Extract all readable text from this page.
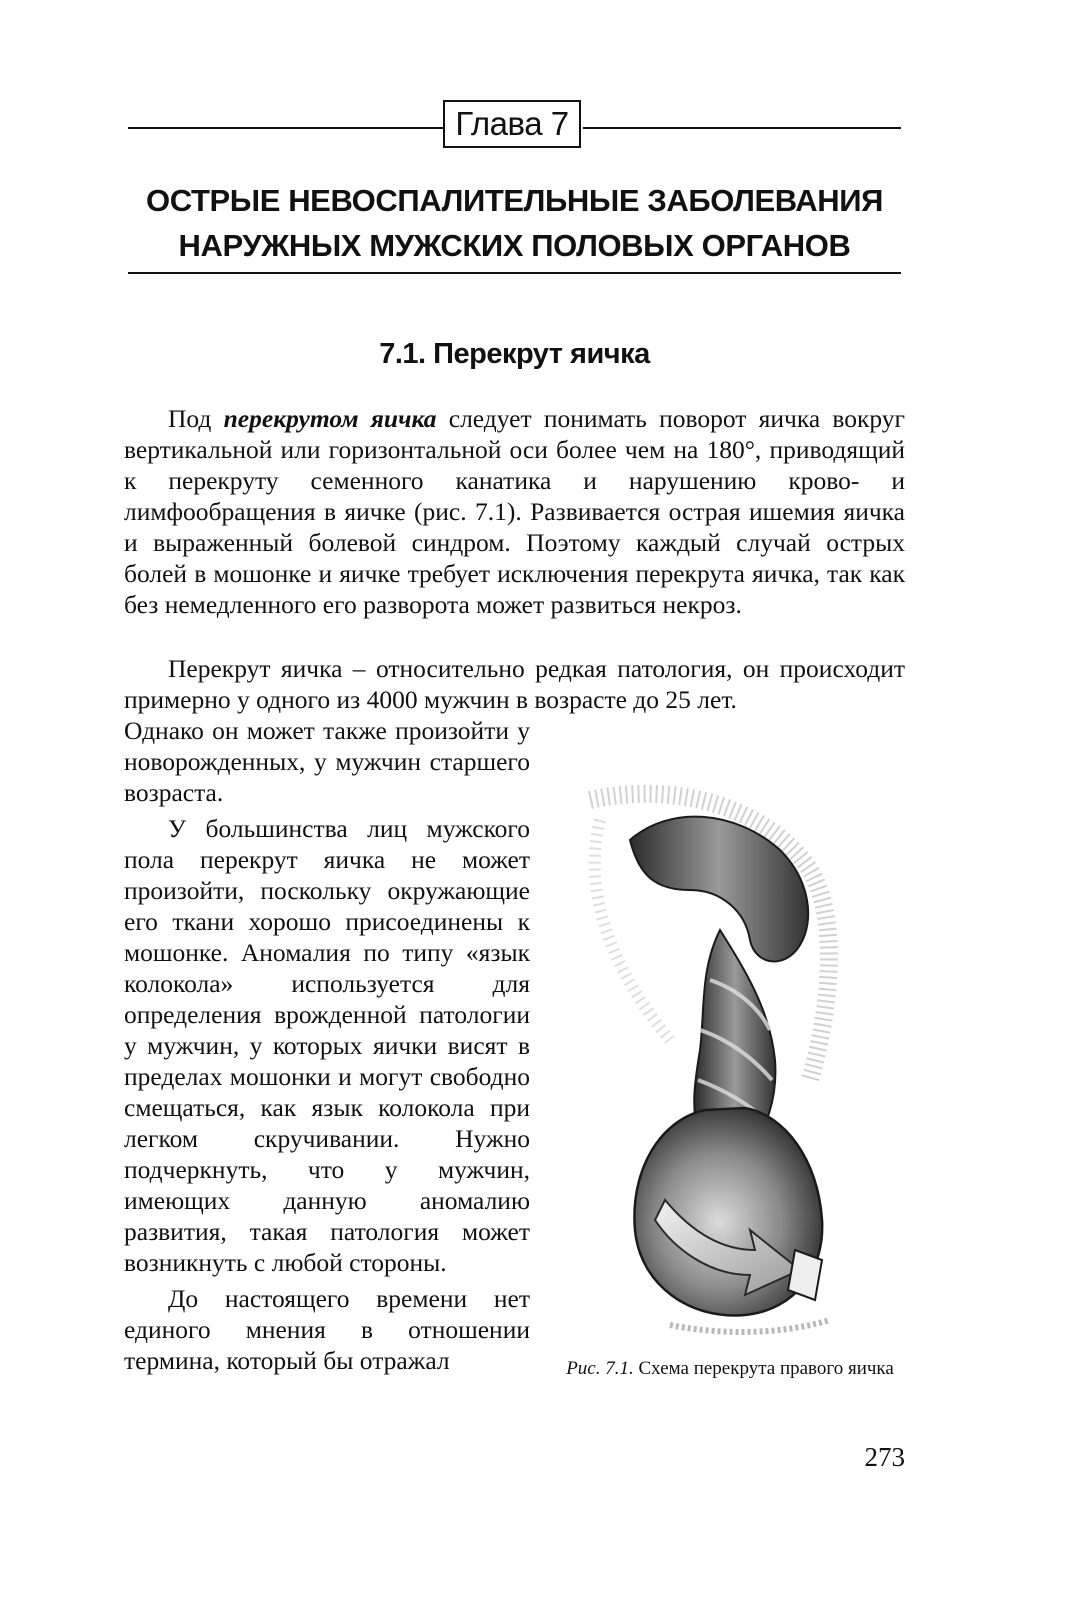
Глава 7
ОСТРЫЕ НЕВОСПАЛИТЕЛЬНЫЕ ЗАБОЛЕВАНИЯ
НАРУЖНЫХ МУЖСКИХ ПОЛОВЫХ ОРГАНОВ
7.1. Перекрут яичка

Под перекрутом яичка следует понимать поворот яичка вокруг вертикальной или горизонтальной оси более чем на 180°, приводящий к перекруту семенного канатика и нарушению крово- и лимфообращения в яичке (рис. 7.1). Развивается острая ишемия яичка и выраженный болевой синдром. Поэтому каждый случай острых болей в мошонке и яичке требует исключения перекрута яичка, так как без немедленного его разворота может развиться некроз.

Перекрут яичка – относительно редкая патология, он происходит примерно у одного из 4000 мужчин в возрасте до 25 лет.

Однако он может также произойти у новорожденных, у мужчин старшего возраста.

У большинства лиц мужского пола перекрут яичка не может произойти, поскольку окружающие его ткани хорошо присоединены к мошонке. Аномалия по типу «язык колокола» используется для определения врожденной патологии у мужчин, у которых яички висят в пределах мошонки и могут свободно смещаться, как язык колокола при легком скручивании. Нужно подчеркнуть, что у мужчин, имеющих данную аномалию развития, такая патология может возникнуть с любой стороны.

До настоящего времени нет единого мнения в отношении термина, который бы отражал	Рис. 7.1. Схема перекрута правого яичка
273
